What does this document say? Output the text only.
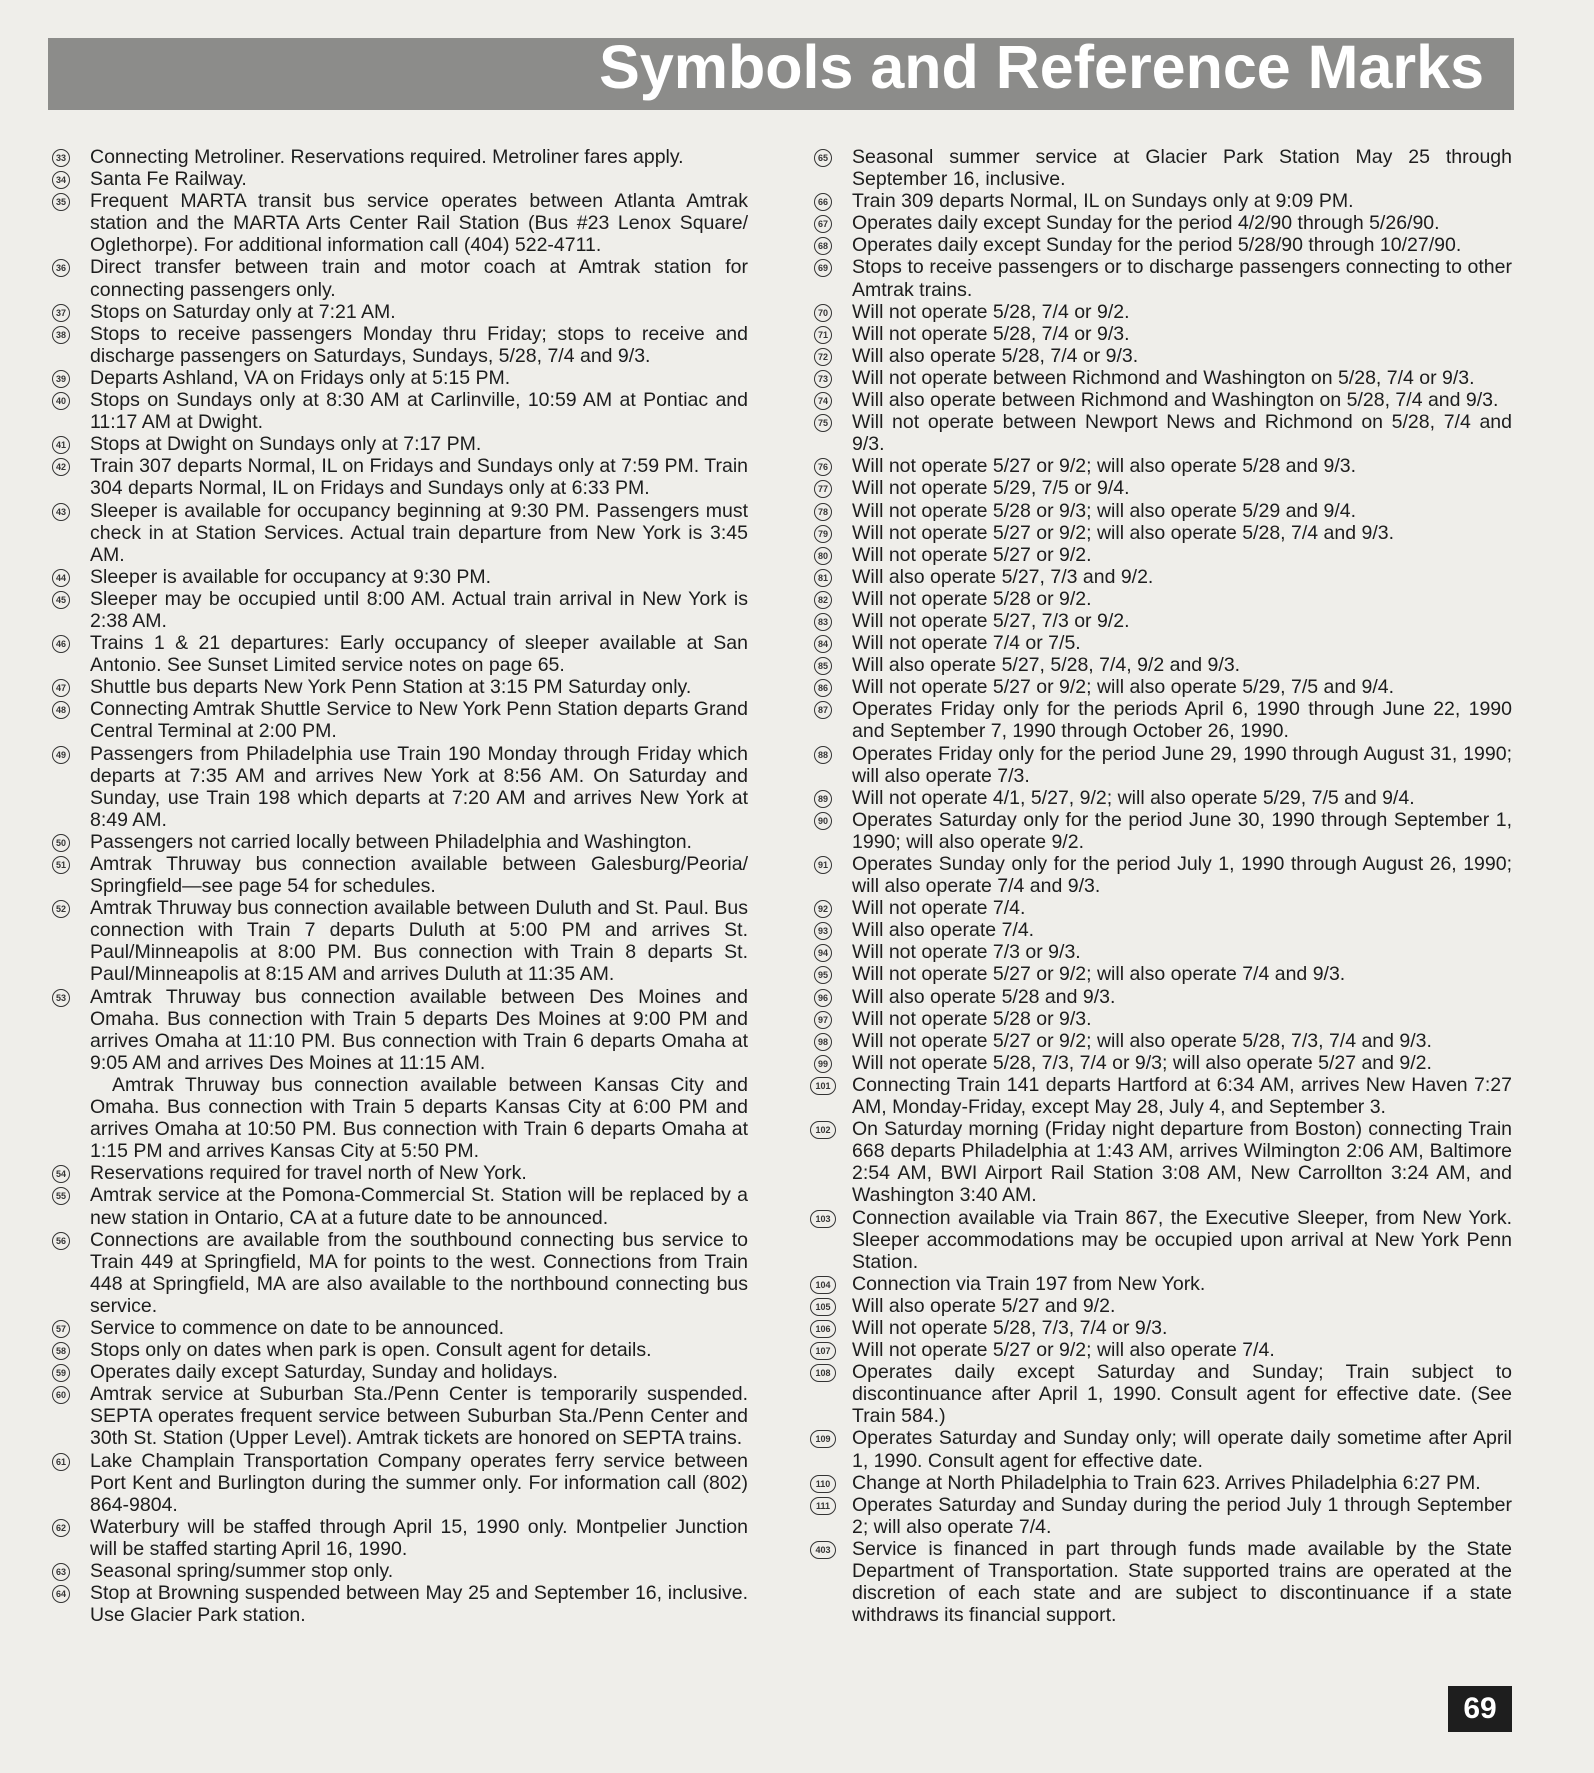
Symbols and Reference Marks
33 Connecting Metroliner. Reservations required. Metroliner fares apply.
34 Santa Fe Railway.
35 Frequent MARTA transit bus service operates between Atlanta Amtrak station and the MARTA Arts Center Rail Station (Bus #23 Lenox Square/ Oglethorpe). For additional information call (404) 522-4711.
36 Direct transfer between train and motor coach at Amtrak station for connecting passengers only.
37 Stops on Saturday only at 7:21 AM.
38 Stops to receive passengers Monday thru Friday; stops to receive and discharge passengers on Saturdays, Sundays, 5/28, 7/4 and 9/3.
39 Departs Ashland, VA on Fridays only at 5:15 PM.
40 Stops on Sundays only at 8:30 AM at Carlinville, 10:59 AM at Pontiac and 11:17 AM at Dwight.
41 Stops at Dwight on Sundays only at 7:17 PM.
42 Train 307 departs Normal, IL on Fridays and Sundays only at 7:59 PM. Train 304 departs Normal, IL on Fridays and Sundays only at 6:33 PM.
43 Sleeper is available for occupancy beginning at 9:30 PM. Passengers must check in at Station Services. Actual train departure from New York is 3:45 AM.
44 Sleeper is available for occupancy at 9:30 PM.
45 Sleeper may be occupied until 8:00 AM. Actual train arrival in New York is 2:38 AM.
46 Trains 1 & 21 departures: Early occupancy of sleeper available at San Antonio. See Sunset Limited service notes on page 65.
47 Shuttle bus departs New York Penn Station at 3:15 PM Saturday only.
48 Connecting Amtrak Shuttle Service to New York Penn Station departs Grand Central Terminal at 2:00 PM.
49 Passengers from Philadelphia use Train 190 Monday through Friday which departs at 7:35 AM and arrives New York at 8:56 AM. On Saturday and Sunday, use Train 198 which departs at 7:20 AM and arrives New York at 8:49 AM.
50 Passengers not carried locally between Philadelphia and Washington.
51 Amtrak Thruway bus connection available between Galesburg/Peoria/ Springfield—see page 54 for schedules.
52 Amtrak Thruway bus connection available between Duluth and St. Paul. Bus connection with Train 7 departs Duluth at 5:00 PM and arrives St. Paul/Minneapolis at 8:00 PM. Bus connection with Train 8 departs St. Paul/Minneapolis at 8:15 AM and arrives Duluth at 11:35 AM.
53 Amtrak Thruway bus connection available between Des Moines and Omaha. Bus connection with Train 5 departs Des Moines at 9:00 PM and arrives Omaha at 11:10 PM. Bus connection with Train 6 departs Omaha at 9:05 AM and arrives Des Moines at 11:15 AM.
Amtrak Thruway bus connection available between Kansas City and Omaha. Bus connection with Train 5 departs Kansas City at 6:00 PM and arrives Omaha at 10:50 PM. Bus connection with Train 6 departs Omaha at 1:15 PM and arrives Kansas City at 5:50 PM.
54 Reservations required for travel north of New York.
55 Amtrak service at the Pomona-Commercial St. Station will be replaced by a new station in Ontario, CA at a future date to be announced.
56 Connections are available from the southbound connecting bus service to Train 449 at Springfield, MA for points to the west. Connections from Train 448 at Springfield, MA are also available to the northbound connecting bus service.
57 Service to commence on date to be announced.
58 Stops only on dates when park is open. Consult agent for details.
59 Operates daily except Saturday, Sunday and holidays.
60 Amtrak service at Suburban Sta./Penn Center is temporarily suspended. SEPTA operates frequent service between Suburban Sta./Penn Center and 30th St. Station (Upper Level). Amtrak tickets are honored on SEPTA trains.
61 Lake Champlain Transportation Company operates ferry service between Port Kent and Burlington during the summer only. For information call (802) 864-9804.
62 Waterbury will be staffed through April 15, 1990 only. Montpelier Junction will be staffed starting April 16, 1990.
63 Seasonal spring/summer stop only.
64 Stop at Browning suspended between May 25 and September 16, inclusive. Use Glacier Park station.
65 Seasonal summer service at Glacier Park Station May 25 through September 16, inclusive.
66 Train 309 departs Normal, IL on Sundays only at 9:09 PM.
67 Operates daily except Sunday for the period 4/2/90 through 5/26/90.
68 Operates daily except Sunday for the period 5/28/90 through 10/27/90.
69 Stops to receive passengers or to discharge passengers connecting to other Amtrak trains.
70 Will not operate 5/28, 7/4 or 9/2.
71 Will not operate 5/28, 7/4 or 9/3.
72 Will also operate 5/28, 7/4 or 9/3.
73 Will not operate between Richmond and Washington on 5/28, 7/4 or 9/3.
74 Will also operate between Richmond and Washington on 5/28, 7/4 and 9/3.
75 Will not operate between Newport News and Richmond on 5/28, 7/4 and 9/3.
76 Will not operate 5/27 or 9/2; will also operate 5/28 and 9/3.
77 Will not operate 5/29, 7/5 or 9/4.
78 Will not operate 5/28 or 9/3; will also operate 5/29 and 9/4.
79 Will not operate 5/27 or 9/2; will also operate 5/28, 7/4 and 9/3.
80 Will not operate 5/27 or 9/2.
81 Will also operate 5/27, 7/3 and 9/2.
82 Will not operate 5/28 or 9/2.
83 Will not operate 5/27, 7/3 or 9/2.
84 Will not operate 7/4 or 7/5.
85 Will also operate 5/27, 5/28, 7/4, 9/2 and 9/3.
86 Will not operate 5/27 or 9/2; will also operate 5/29, 7/5 and 9/4.
87 Operates Friday only for the periods April 6, 1990 through June 22, 1990 and September 7, 1990 through October 26, 1990.
88 Operates Friday only for the period June 29, 1990 through August 31, 1990; will also operate 7/3.
89 Will not operate 4/1, 5/27, 9/2; will also operate 5/29, 7/5 and 9/4.
90 Operates Saturday only for the period June 30, 1990 through September 1, 1990; will also operate 9/2.
91 Operates Sunday only for the period July 1, 1990 through August 26, 1990; will also operate 7/4 and 9/3.
92 Will not operate 7/4.
93 Will also operate 7/4.
94 Will not operate 7/3 or 9/3.
95 Will not operate 5/27 or 9/2; will also operate 7/4 and 9/3.
96 Will also operate 5/28 and 9/3.
97 Will not operate 5/28 or 9/3.
98 Will not operate 5/27 or 9/2; will also operate 5/28, 7/3, 7/4 and 9/3.
99 Will not operate 5/28, 7/3, 7/4 or 9/3; will also operate 5/27 and 9/2.
101 Connecting Train 141 departs Hartford at 6:34 AM, arrives New Haven 7:27 AM, Monday-Friday, except May 28, July 4, and September 3.
102 On Saturday morning (Friday night departure from Boston) connecting Train 668 departs Philadelphia at 1:43 AM, arrives Wilmington 2:06 AM, Baltimore 2:54 AM, BWI Airport Rail Station 3:08 AM, New Carrollton 3:24 AM, and Washington 3:40 AM.
103 Connection available via Train 867, the Executive Sleeper, from New York. Sleeper accommodations may be occupied upon arrival at New York Penn Station.
104 Connection via Train 197 from New York.
105 Will also operate 5/27 and 9/2.
106 Will not operate 5/28, 7/3, 7/4 or 9/3.
107 Will not operate 5/27 or 9/2; will also operate 7/4.
108 Operates daily except Saturday and Sunday; Train subject to discontinuance after April 1, 1990. Consult agent for effective date. (See Train 584.)
109 Operates Saturday and Sunday only; will operate daily sometime after April 1, 1990. Consult agent for effective date.
110 Change at North Philadelphia to Train 623. Arrives Philadelphia 6:27 PM.
111	Operates Saturday and Sunday during the period July 1 through September 2; will also operate 7/4.
403 Service is financed in part through funds made available by the State Department of Transportation. State supported trains are operated at the discretion of each state and are subject to discontinuance if a state withdraws its financial support.
69
